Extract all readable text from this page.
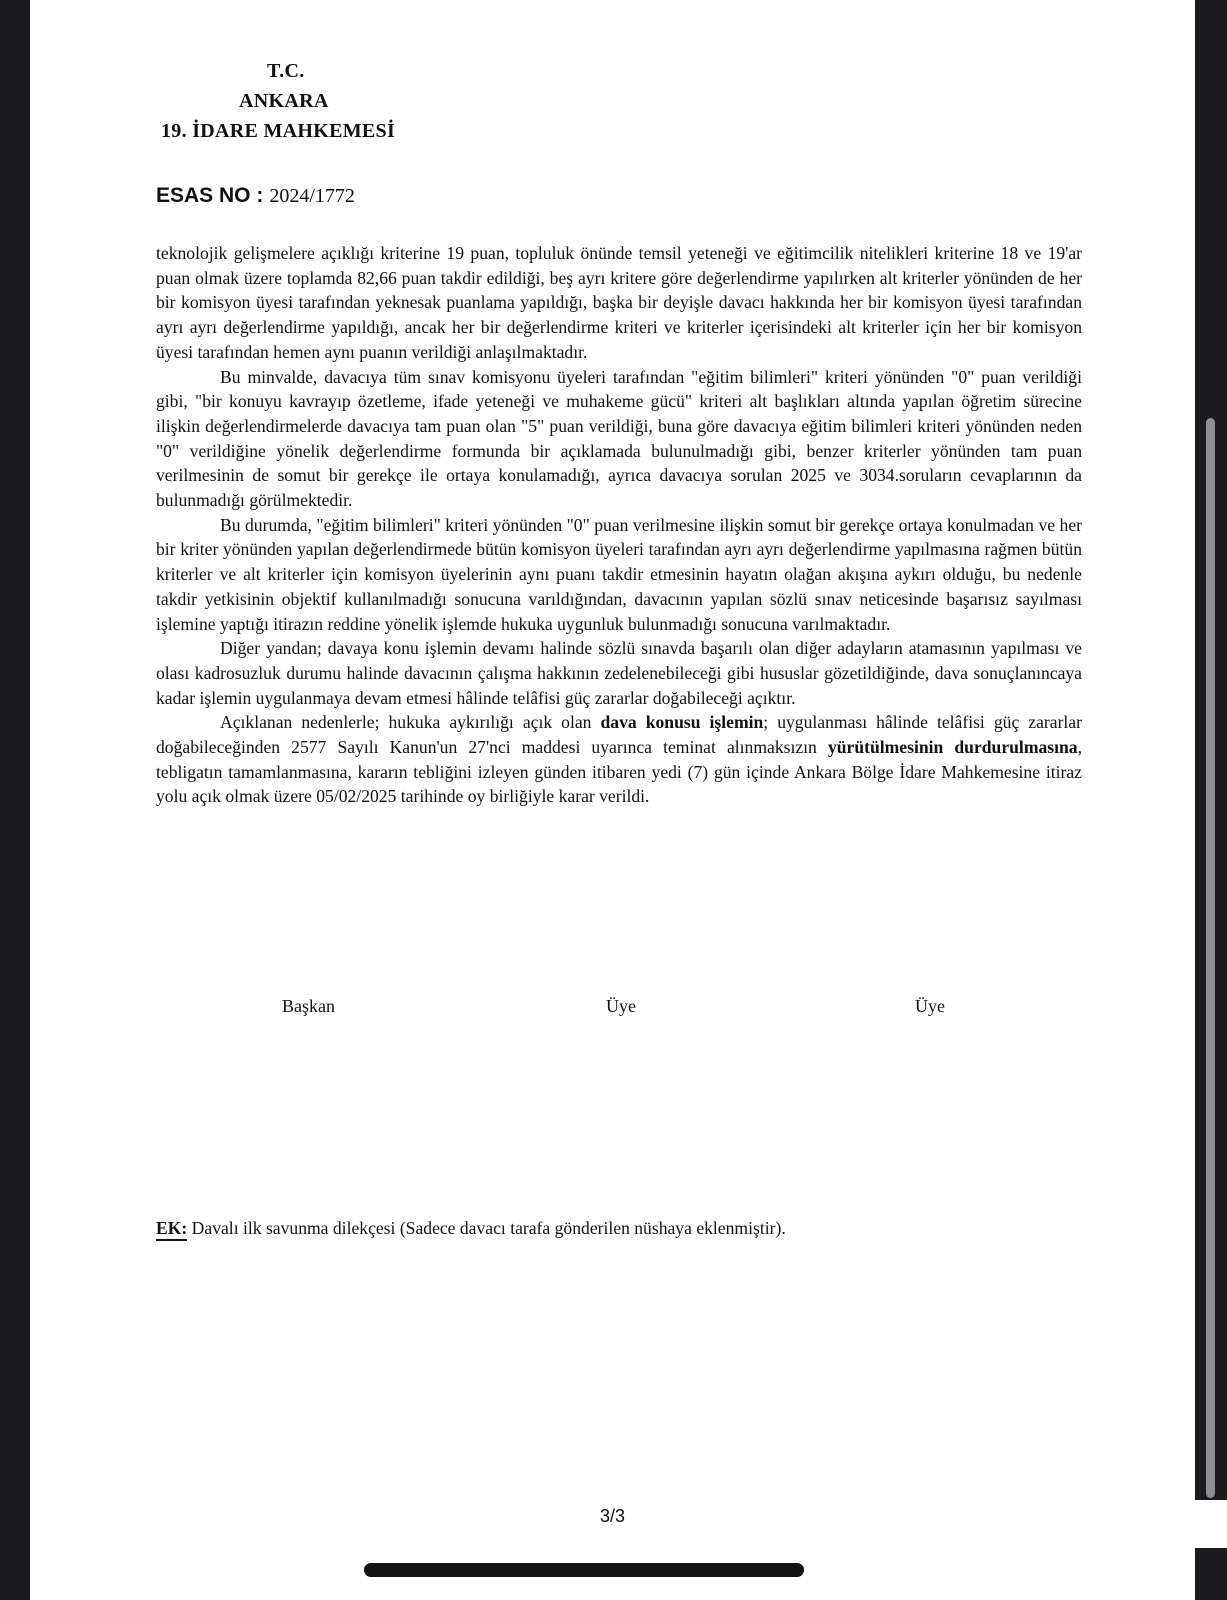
T.C.
ANKARA
19. İDARE MAHKEMESİ
ESAS NO : 2024/1772

teknolojik gelişmelere açıklığı kriterine 19 puan, topluluk önünde temsil yeteneği ve eğitimcilik nitelikleri kriterine 18 ve 19'ar puan olmak üzere toplamda 82,66 puan takdir edildiği, beş ayrı kritere göre değerlendirme yapılırken alt kriterler yönünden de her bir komisyon üyesi tarafından yeknesak puanlama yapıldığı, başka bir deyişle davacı hakkında her bir komisyon üyesi tarafından ayrı ayrı değerlendirme yapıldığı, ancak her bir değerlendirme kriteri ve kriterler içerisindeki alt kriterler için her bir komisyon üyesi tarafından hemen aynı puanın verildiği anlaşılmaktadır.

Bu minvalde, davacıya tüm sınav komisyonu üyeleri tarafından "eğitim bilimleri" kriteri yönünden "0" puan verildiği gibi, "bir konuyu kavrayıp özetleme, ifade yeteneği ve muhakeme gücü" kriteri alt başlıkları altında yapılan öğretim sürecine ilişkin değerlendirmelerde davacıya tam puan olan "5" puan verildiği, buna göre davacıya eğitim bilimleri kriteri yönünden neden "0" verildiğine yönelik değerlendirme formunda bir açıklamada bulunulmadığı gibi, benzer kriterler yönünden tam puan verilmesinin de somut bir gerekçe ile ortaya konulamadığı, ayrıca davacıya sorulan 2025 ve 3034.soruların cevaplarının da bulunmadığı görülmektedir.

Bu durumda, "eğitim bilimleri" kriteri yönünden "0" puan verilmesine ilişkin somut bir gerekçe ortaya konulmadan ve her bir kriter yönünden yapılan değerlendirmede bütün komisyon üyeleri tarafından ayrı ayrı değerlendirme yapılmasına rağmen bütün kriterler ve alt kriterler için komisyon üyelerinin aynı puanı takdir etmesinin hayatın olağan akışına aykırı olduğu, bu nedenle takdir yetkisinin objektif kullanılmadığı sonucuna varıldığından, davacının yapılan sözlü sınav neticesinde başarısız sayılması işlemine yaptığı itirazın reddine yönelik işlemde hukuka uygunluk bulunmadığı sonucuna varılmaktadır.

Diğer yandan; davaya konu işlemin devamı halinde sözlü sınavda başarılı olan diğer adayların atamasının yapılması ve olası kadrosuzluk durumu halinde davacının çalışma hakkının zedelenebileceği gibi hususlar gözetildiğinde, dava sonuçlanıncaya kadar işlemin uygulanmaya devam etmesi hâlinde telâfisi güç zararlar doğabileceği açıktır.

Açıklanan nedenlerle; hukuka aykırılığı açık olan dava konusu işlemin; uygulanması hâlinde telâfisi güç zararlar doğabileceğinden 2577 Sayılı Kanun'un 27'nci maddesi uyarınca teminat alınmaksızın yürütülmesinin durdurulmasına, tebligatın tamamlanmasına, kararın tebliğini izleyen günden itibaren yedi (7) gün içinde Ankara Bölge İdare Mahkemesine itiraz yolu açık olmak üzere 05/02/2025 tarihinde oy birliğiyle karar verildi.

Başkan	Üye	Üye
EK: Davalı ilk savunma dilekçesi (Sadece davacı tarafa gönderilen nüshaya eklenmiştir).
3/3
